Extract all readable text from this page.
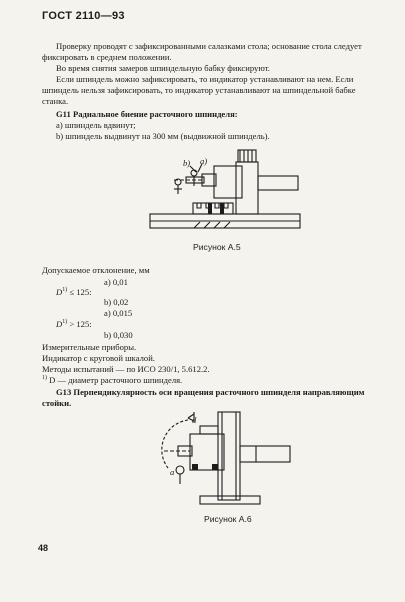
ГОСТ 2110—93
Проверку проводят с зафиксированными салазками стола; основание стола следует
фиксировать в среднем положении.
Во время снятия замеров шпиндельную бабку фиксируют.
Если шпиндель можно зафиксировать, то индикатор устанавливают на нем. Если
шпиндель нельзя зафиксировать, то индикатор устанавливают на шпиндельной бабке
станка.
G11 Радиальное биение расточного шпинделя:
a) шпиндель вдвинут;
b) шпиндель выдвинут на 300 мм (выдвижной шпиндель).
b) a)
Рисунок А.5
Допускаемое отклонение, мм
а) 0,01
$D^{1)} \le 125$:
b) 0,02
а) 0,015
$D^{1)} > 125$:
b) 0,030
Измерительные приборы.
Индикатор с круговой шкалой.
Методы испытаний — по ИСО 230/1, 5.612.2.
$^{1)}$ D — диаметр расточного шпинделя.
G13 Перпендикулярность оси вращения расточного шпинделя направляющим
стойки.
d
а
Рисунок А.6
48
